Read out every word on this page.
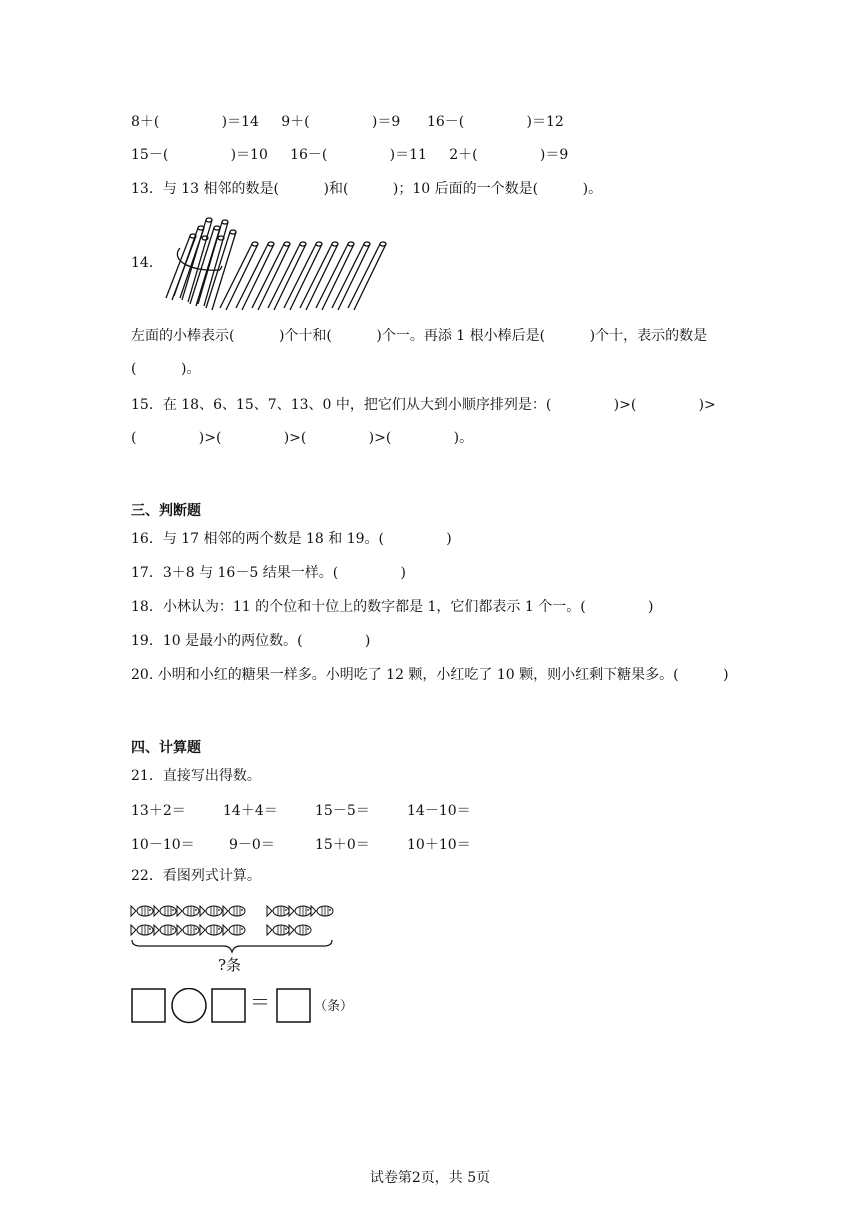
8＋(              )＝14     9＋(              )＝9      16－(              )＝12
15－(              )＝10     16－(              )＝11     2＋(              )＝9
13．与 13 相邻的数是(          )和(          )；10 后面的一个数是(          )。
14．
左面的小棒表示(          )个十和(          )个一。再添 1 根小棒后是(          )个十，表示的数是
(          )。
15．在 18、6、15、7、13、0 中，把它们从大到小顺序排列是：(              )>(              )>
(              )>(              )>(              )>(              )。
三、判断题
16．与 17 相邻的两个数是 18 和 19。(              )
17．3＋8 与 16－5 结果一样。(              )
18．小林认为：11 的个位和十位上的数字都是 1，它们都表示 1 个一。(              )
19．10 是最小的两位数。(              )
20. 小明和小红的糖果一样多。小明吃了 12 颗，小红吃了 10 颗，则小红剩下糖果多。(          )
四、计算题
21．直接写出得数。
13＋2＝	14＋4＝	15－5＝	14－10＝
10－10＝ 9－0＝	15＋0＝	10＋10＝
22．看图列式计算。
?条
＝	（条）
试卷第2页，共 5页
